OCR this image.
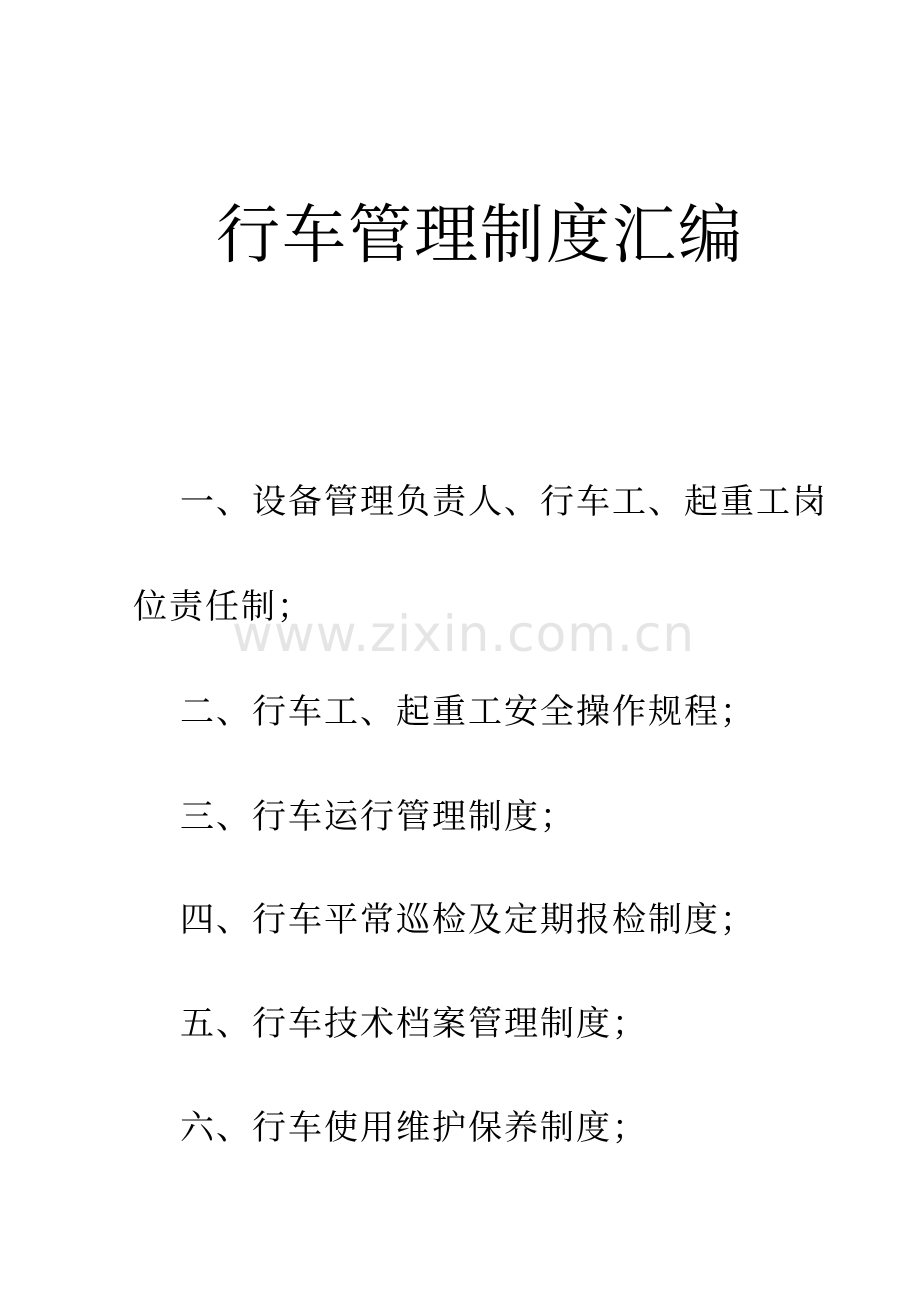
行车管理制度汇编

一、设备管理负责人、行车工、起重工岗

位责任制；

二、行车工、起重工安全操作规程；

三、行车运行管理制度；

四、行车平常巡检及定期报检制度；

五、行车技术档案管理制度；

六、行车使用维护保养制度；

www.zixin.com.cn
